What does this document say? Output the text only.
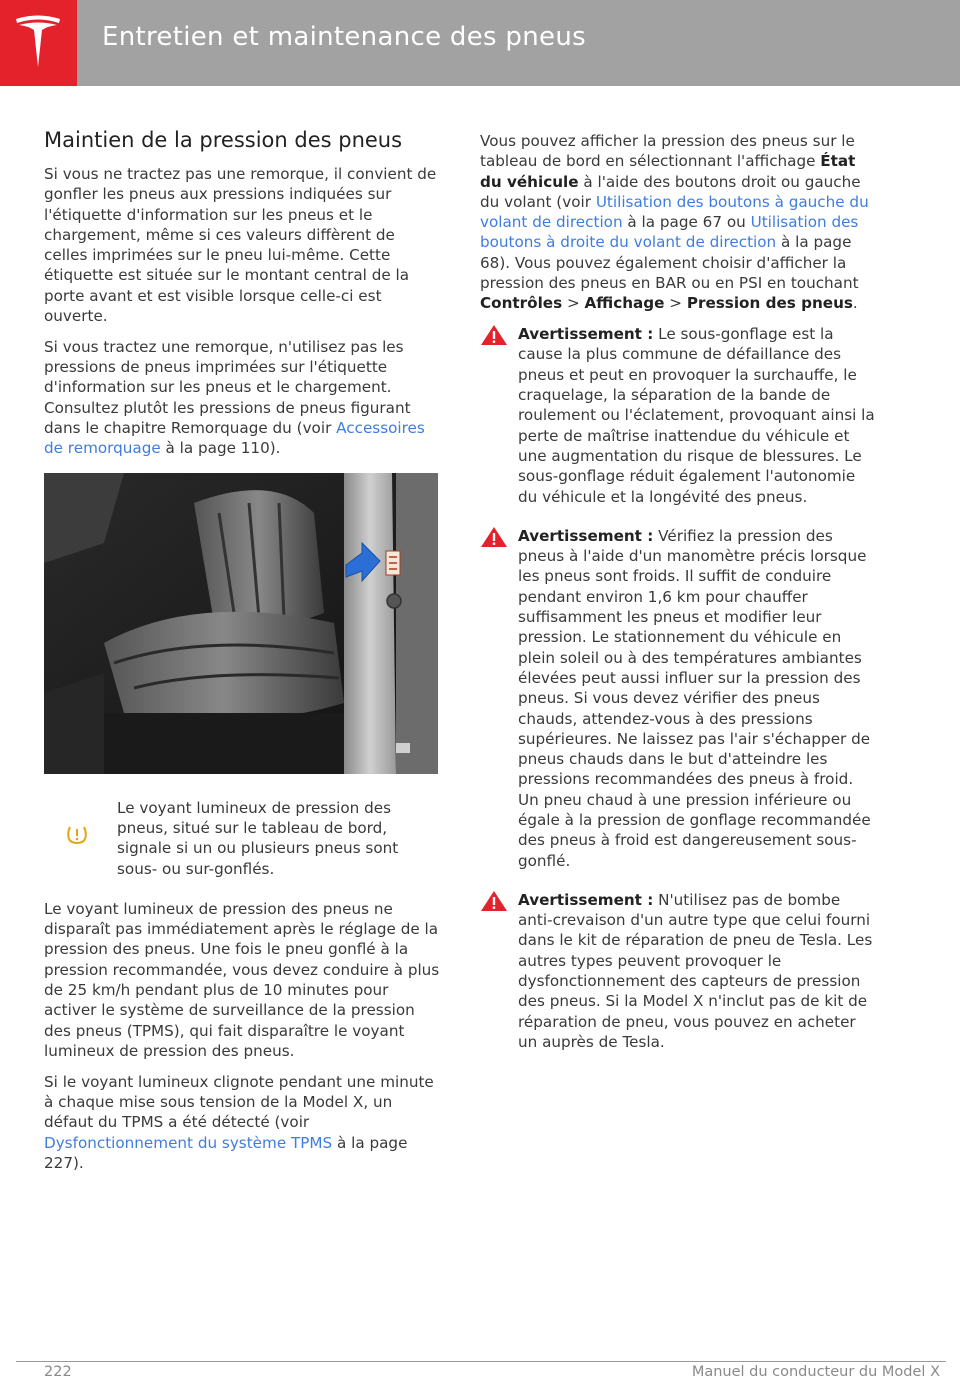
Entretien et maintenance des pneus
Maintien de la pression des pneus

Si vous ne tractez pas une remorque, il convient de gonfler les pneus aux pressions indiquées sur l'étiquette d'information sur les pneus et le chargement, même si ces valeurs diffèrent de celles imprimées sur le pneu lui-même. Cette étiquette est située sur le montant central de la porte avant et est visible lorsque celle-ci est ouverte.

Si vous tractez une remorque, n'utilisez pas les pressions de pneus imprimées sur l'étiquette d'information sur les pneus et le chargement. Consultez plutôt les pressions de pneus figurant dans le chapitre Remorquage du (voir Accessoires de remorquage à la page 110).

Le voyant lumineux de pression des pneus, situé sur le tableau de bord, signale si un ou plusieurs pneus sont sous- ou sur-gonflés.

Le voyant lumineux de pression des pneus ne disparaît pas immédiatement après le réglage de la pression des pneus. Une fois le pneu gonflé à la pression recommandée, vous devez conduire à plus de 25 km/h pendant plus de 10 minutes pour activer le système de surveillance de la pression des pneus (TPMS), qui fait disparaître le voyant lumineux de pression des pneus.

Si le voyant lumineux clignote pendant une minute à chaque mise sous tension de la Model X, un défaut du TPMS a été détecté (voir Dysfonctionnement du système TPMS à la page 227).

Vous pouvez afficher la pression des pneus sur le tableau de bord en sélectionnant l'affichage État du véhicule à l'aide des boutons droit ou gauche du volant (voir Utilisation des boutons à gauche du volant de direction à la page 67 ou Utilisation des boutons à droite du volant de direction à la page 68). Vous pouvez également choisir d'afficher la pression des pneus en BAR ou en PSI en touchant Contrôles > Affichage > Pression des pneus.

Avertissement : Le sous-gonflage est la cause la plus commune de défaillance des pneus et peut en provoquer la surchauffe, le craquelage, la séparation de la bande de roulement ou l'éclatement, provoquant ainsi la perte de maîtrise inattendue du véhicule et une augmentation du risque de blessures. Le sous-gonflage réduit également l'autonomie du véhicule et la longévité des pneus.

Avertissement : Vérifiez la pression des pneus à l'aide d'un manomètre précis lorsque les pneus sont froids. Il suffit de conduire pendant environ 1,6 km pour chauffer suffisamment les pneus et modifier leur pression. Le stationnement du véhicule en plein soleil ou à des températures ambiantes élevées peut aussi influer sur la pression des pneus. Si vous devez vérifier des pneus chauds, attendez-vous à des pressions supérieures. Ne laissez pas l'air s'échapper de pneus chauds dans le but d'atteindre les pressions recommandées des pneus à froid. Un pneu chaud à une pression inférieure ou égale à la pression de gonflage recommandée des pneus à froid est dangereusement sous-gonflé.

Avertissement : N'utilisez pas de bombe anti-crevaison d'un autre type que celui fourni dans le kit de réparation de pneu de Tesla. Les autres types peuvent provoquer le dysfonctionnement des capteurs de pression des pneus. Si la Model X n'inclut pas de kit de réparation de pneu, vous pouvez en acheter un auprès de Tesla.

222	Manuel du conducteur du Model X
